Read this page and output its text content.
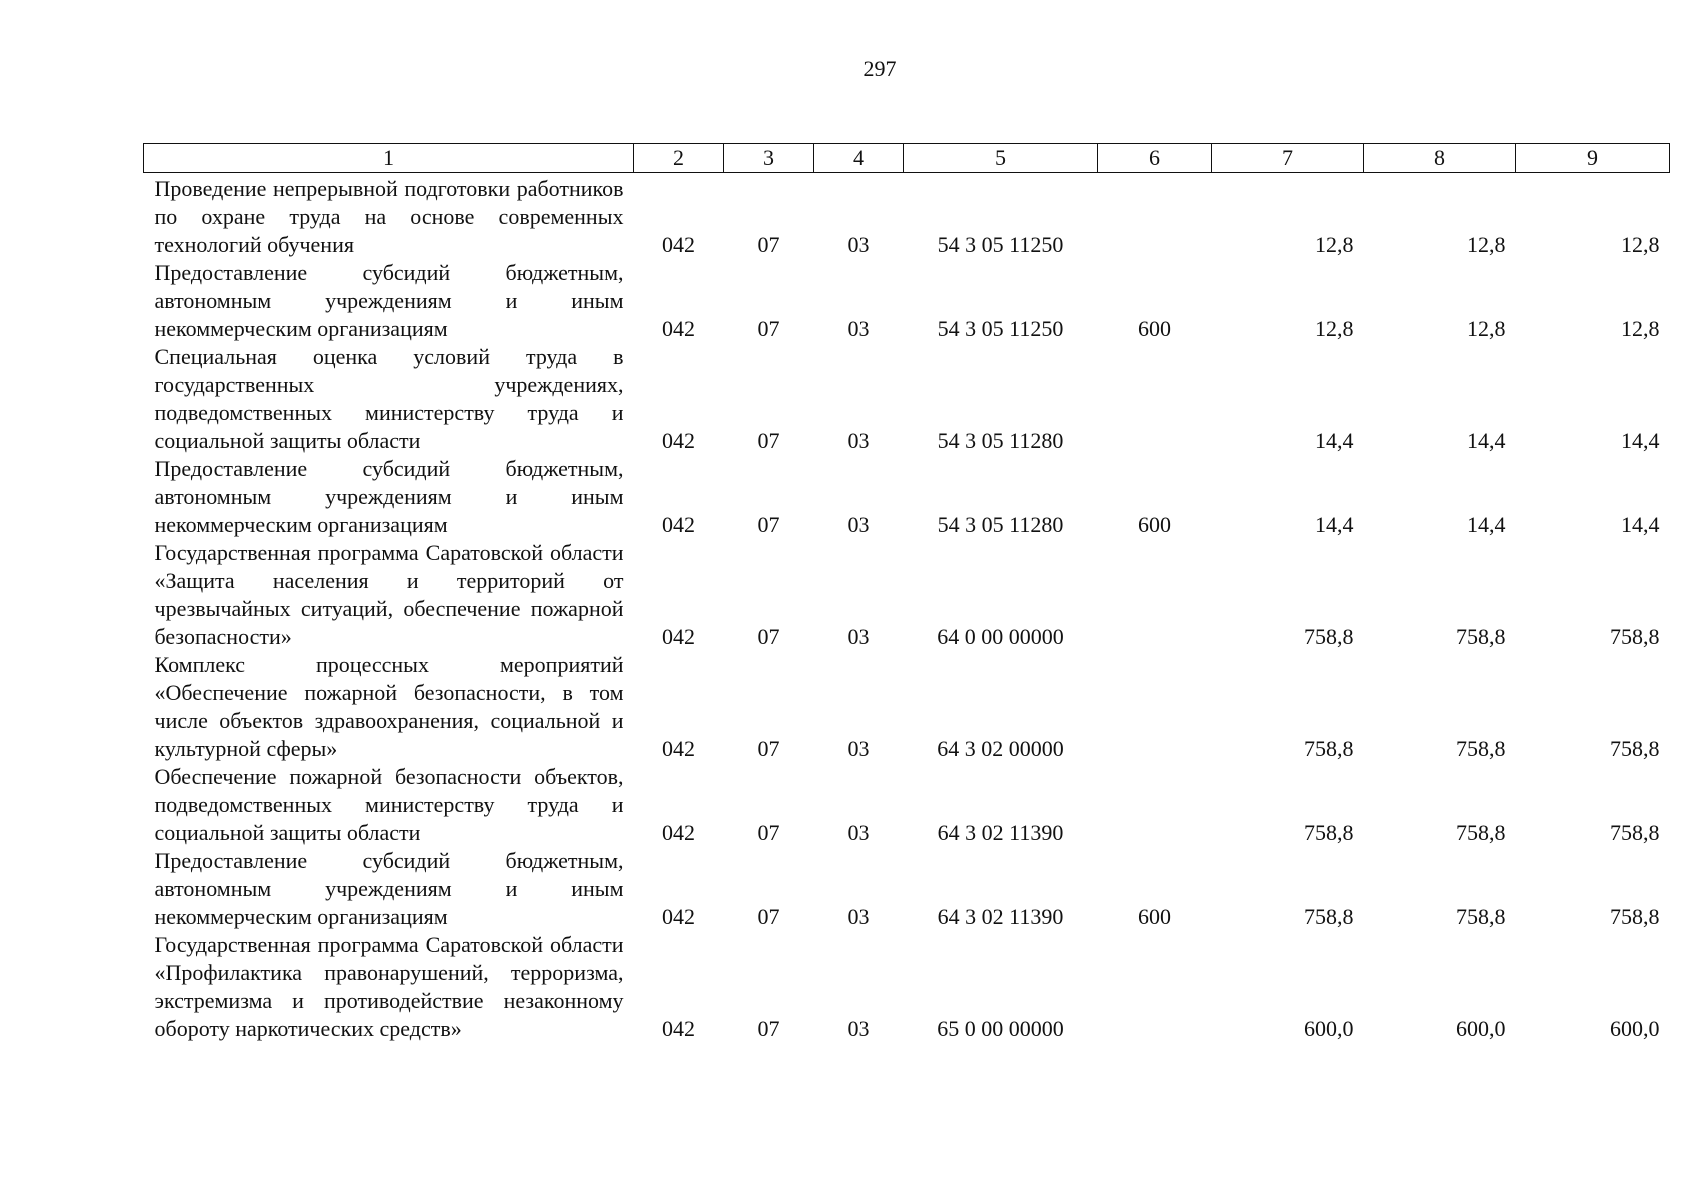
297
1	2	3	4	5	6	7	8	9
Проведение непрерывной подготовки работников по охране труда на основе современных технологий обучения	042	07	03	54 3 05 11250		12,8	12,8	12,8
Предоставление субсидий бюджетным, автономным учреждениям и иным некоммерческим организациям	042	07	03	54 3 05 11250	600	12,8	12,8	12,8
Специальная оценка условий труда в государственных учреждениях, подведомственных министерству труда и социальной защиты области	042	07	03	54 3 05 11280		14,4	14,4	14,4
Предоставление субсидий бюджетным, автономным учреждениям и иным некоммерческим организациям	042	07	03	54 3 05 11280	600	14,4	14,4	14,4
Государственная программа Саратовской области «Защита населения и территорий от чрезвычайных ситуаций, обеспечение пожарной безопасности»	042	07	03	64 0 00 00000		758,8	758,8	758,8
Комплекс процессных мероприятий «Обеспечение пожарной безопасности, в том числе объектов здравоохранения, социальной и культурной сферы»	042	07	03	64 3 02 00000		758,8	758,8	758,8
Обеспечение пожарной безопасности объектов, подведомственных министерству труда и социальной защиты области	042	07	03	64 3 02 11390		758,8	758,8	758,8
Предоставление субсидий бюджетным, автономным учреждениям и иным некоммерческим организациям	042	07	03	64 3 02 11390	600	758,8	758,8	758,8
Государственная программа Саратовской области «Профилактика правонарушений, терроризма, экстремизма и противодействие незаконному обороту наркотических средств»	042	07	03	65 0 00 00000		600,0	600,0	600,0
